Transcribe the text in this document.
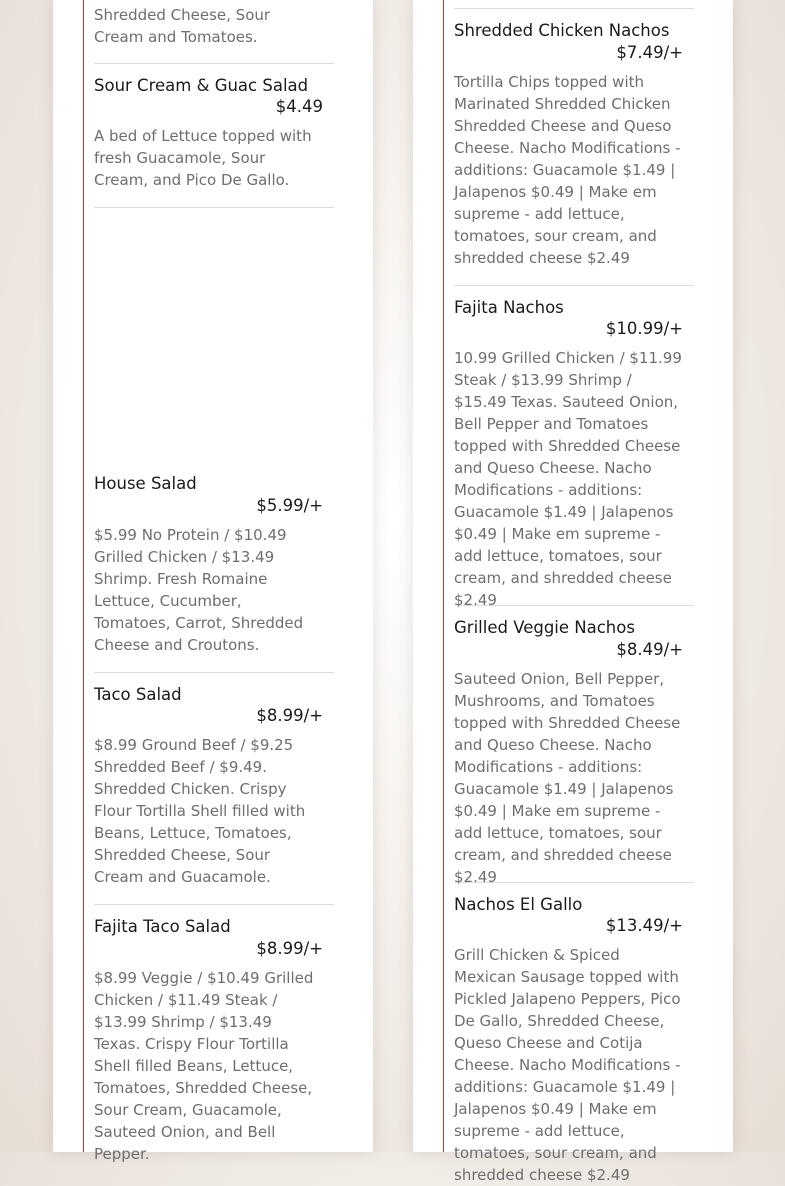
Shredded Cheese, Sour Cream and Tomatoes.
Sour Cream & Guac Salad
$4.49
A bed of Lettuce topped with fresh Guacamole, Sour Cream, and Pico De Gallo.
House Salad
$5.99/+
$5.99 No Protein / $10.49 Grilled Chicken / $13.49 Shrimp. Fresh Romaine Lettuce, Cucumber, Tomatoes, Carrot, Shredded Cheese and Croutons.
Taco Salad
$8.99/+
$8.99 Ground Beef / $9.25 Shredded Beef / $9.49. Shredded Chicken. Crispy Flour Tortilla Shell filled with Beans, Lettuce, Tomatoes, Shredded Cheese, Sour Cream and Guacamole.
Fajita Taco Salad
$8.99/+
$8.99 Veggie / $10.49 Grilled Chicken / $11.49 Steak / $13.99 Shrimp / $13.49 Texas. Crispy Flour Tortilla Shell filled Beans, Lettuce, Tomatoes, Shredded Cheese, Sour Cream, Guacamole, Sauteed Onion, and Bell Pepper.
Shredded Chicken Nachos
$7.49/+
Tortilla Chips topped with Marinated Shredded Chicken Shredded Cheese and Queso Cheese. Nacho Modifications - additions: Guacamole $1.49 | Jalapenos $0.49 | Make em supreme - add lettuce, tomatoes, sour cream, and shredded cheese $2.49
Fajita Nachos
$10.99/+
10.99 Grilled Chicken / $11.99 Steak / $13.99 Shrimp / $15.49 Texas. Sauteed Onion, Bell Pepper and Tomatoes topped with Shredded Cheese and Queso Cheese. Nacho Modifications - additions: Guacamole $1.49 | Jalapenos $0.49 | Make em supreme - add lettuce, tomatoes, sour cream, and shredded cheese $2.49
Grilled Veggie Nachos
$8.49/+
Sauteed Onion, Bell Pepper, Mushrooms, and Tomatoes topped with Shredded Cheese and Queso Cheese. Nacho Modifications - additions: Guacamole $1.49 | Jalapenos $0.49 | Make em supreme - add lettuce, tomatoes, sour cream, and shredded cheese $2.49
Nachos El Gallo
$13.49/+
Grill Chicken & Spiced Mexican Sausage topped with Pickled Jalapeno Peppers, Pico De Gallo, Shredded Cheese, Queso Cheese and Cotija Cheese. Nacho Modifications - additions: Guacamole $1.49 | Jalapenos $0.49 | Make em supreme - add lettuce, tomatoes, sour cream, and shredded cheese $2.49
